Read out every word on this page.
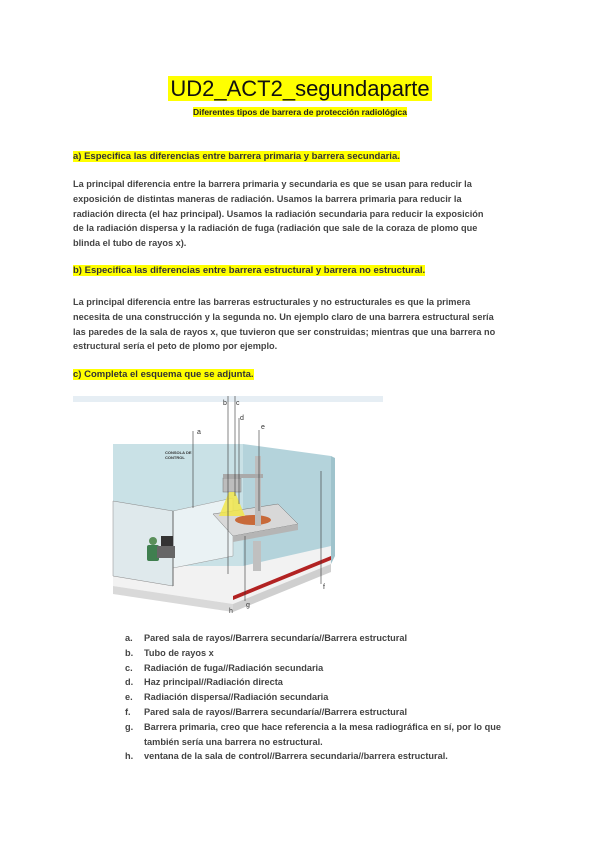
UD2_ACT2_segundaparte
Diferentes tipos de barrera de protección radiológica
a) Especifica las diferencias entre barrera primaria y barrera secundaria.
La principal diferencia entre la barrera primaria y secundaria es que se usan para reducir la
exposición de distintas maneras de radiación. Usamos la barrera primaria para reducir la
radiación directa (el haz principal). Usamos la radiación secundaria para reducir la exposición
de la radiación dispersa y la radiación de fuga (radiación que sale de la coraza de plomo que
blinda el tubo de rayos x).
b) Especifica las diferencias entre barrera estructural y barrera no estructural.
La principal diferencia entre las barreras estructurales y no estructurales es que la primera
necesita de una construcción y la segunda no. Un ejemplo claro de una barrera estructural sería
las paredes de la sala de rayos x, que tuvieron que ser construidas; mientras que una barrera no
estructural sería el peto de plomo por ejemplo.
c) Completa el esquema que se adjunta.
a
b c
d
e
f
g
h
CONSOLA DE
CONTROL
a. Pared sala de rayos//Barrera secundaría//Barrera estructural
b. Tubo de rayos x
c. Radiación de fuga//Radiación secundaria
d. Haz principal//Radiación directa
e. Radiación dispersa//Radiación secundaria
f. Pared sala de rayos//Barrera secundaría//Barrera estructural
g. Barrera primaria, creo que hace referencia a la mesa radiográfica en sí, por lo que también sería una barrera no estructural.
h. ventana de la sala de control//Barrera secundaria//barrera estructural.
